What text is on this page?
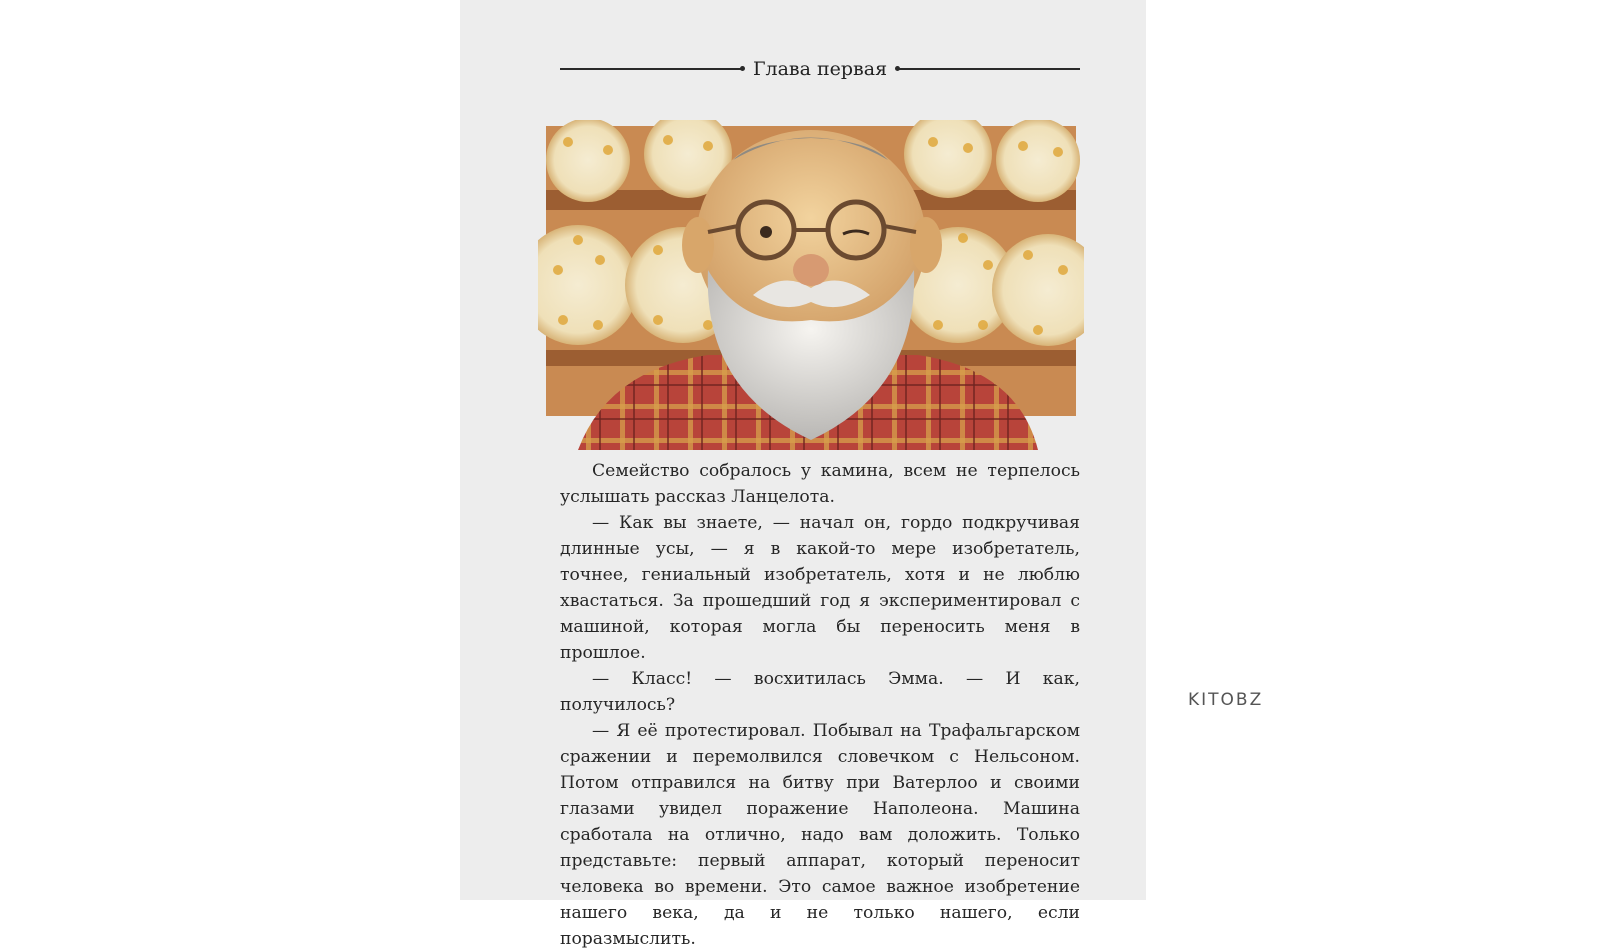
Глава первая

Семейство собралось у камина, всем не терпелось услышать рассказ Ланцелота.

— Как вы знаете, — начал он, гордо подкручивая длинные усы, — я в какой-то мере изобретатель, точнее, гениальный изобретатель, хотя и не люблю хвастаться. За прошедший год я экспериментировал с машиной, которая могла бы переносить меня в прошлое.

— Класс! — восхитилась Эмма. — И как, получилось?

— Я её протестировал. Побывал на Трафальгарском сражении и перемолвился словечком с Нельсоном. Потом отправился на битву при Ватерлоо и своими глазами увидел поражение Наполеона. Машина сработала на отлично, надо вам доложить. Только представьте: первый аппарат, который переносит человека во времени. Это самое важное изобретение нашего века, да и не только нашего, если поразмыслить.

KITOBZ
